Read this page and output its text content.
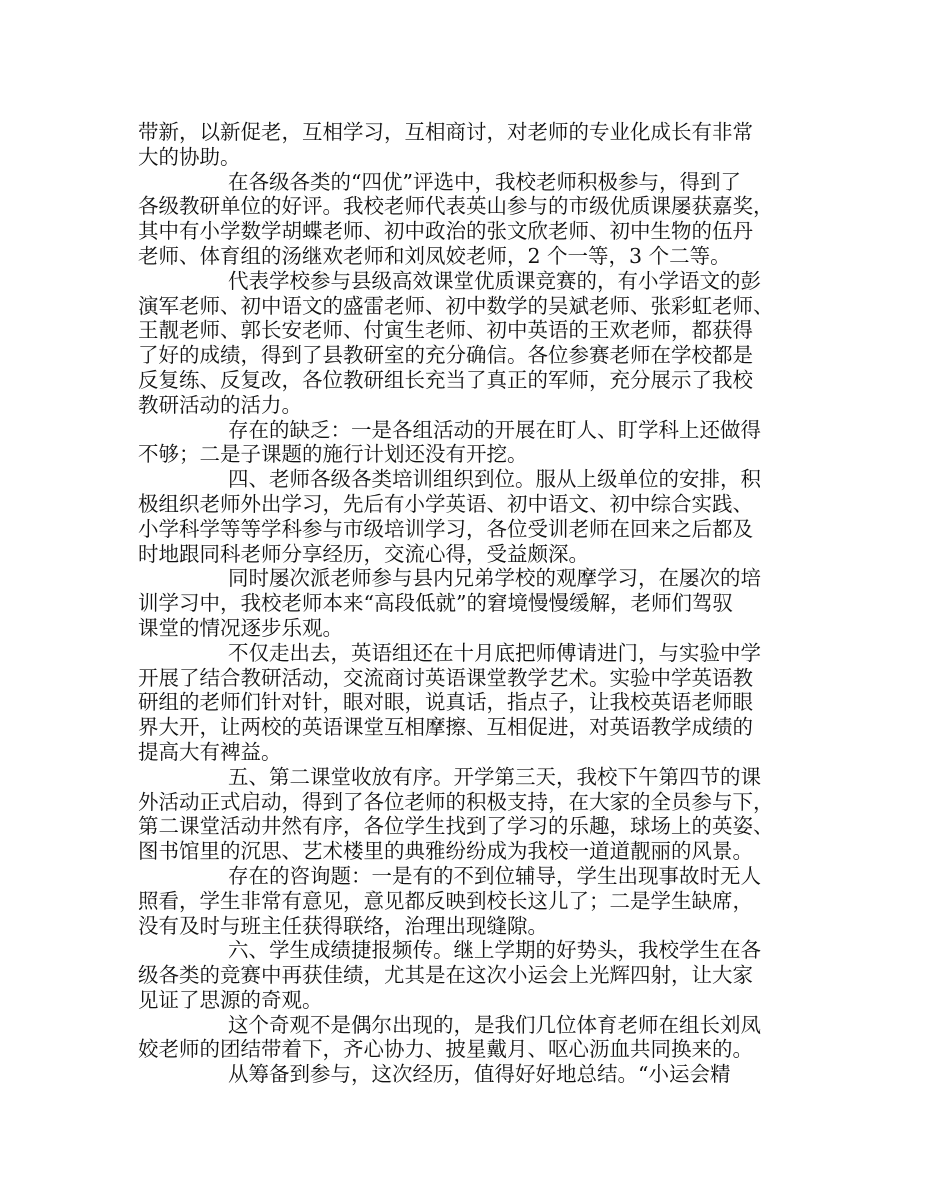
带新，以新促老，互相学习，互相商讨，对老师的专业化成长有非常
大的协助。
在各级各类的“四优”评选中，我校老师积极参与，得到了
各级教研单位的好评。我校老师代表英山参与的市级优质课屡获嘉奖，
其中有小学数学胡蝶老师、初中政治的张文欣老师、初中生物的伍丹
老师、体育组的汤继欢老师和刘凤姣老师，2 个一等，3 个二等。
代表学校参与县级高效课堂优质课竞赛的，有小学语文的彭
演军老师、初中语文的盛雷老师、初中数学的吴斌老师、张彩虹老师、
王靓老师、郭长安老师、付寅生老师、初中英语的王欢老师，都获得
了好的成绩，得到了县教研室的充分确信。各位参赛老师在学校都是
反复练、反复改，各位教研组长充当了真正的军师，充分展示了我校
教研活动的活力。
存在的缺乏：一是各组活动的开展在盯人、盯学科上还做得
不够；二是子课题的施行计划还没有开挖。
四、老师各级各类培训组织到位。服从上级单位的安排，积
极组织老师外出学习，先后有小学英语、初中语文、初中综合实践、
小学科学等等学科参与市级培训学习，各位受训老师在回来之后都及
时地跟同科老师分享经历，交流心得，受益颇深。
同时屡次派老师参与县内兄弟学校的观摩学习，在屡次的培
训学习中，我校老师本来“高段低就”的窘境慢慢缓解，老师们驾驭
课堂的情况逐步乐观。
不仅走出去，英语组还在十月底把师傅请进门，与实验中学
开展了结合教研活动，交流商讨英语课堂教学艺术。实验中学英语教
研组的老师们针对针，眼对眼，说真话，指点子，让我校英语老师眼
界大开，让两校的英语课堂互相摩擦、互相促进，对英语教学成绩的
提高大有裨益。
五、第二课堂收放有序。开学第三天，我校下午第四节的课
外活动正式启动，得到了各位老师的积极支持，在大家的全员参与下，
第二课堂活动井然有序，各位学生找到了学习的乐趣，球场上的英姿、
图书馆里的沉思、艺术楼里的典雅纷纷成为我校一道道靓丽的风景。
存在的咨询题：一是有的不到位辅导，学生出现事故时无人
照看，学生非常有意见，意见都反映到校长这儿了；二是学生缺席，
没有及时与班主任获得联络，治理出现缝隙。
六、学生成绩捷报频传。继上学期的好势头，我校学生在各
级各类的竞赛中再获佳绩，尤其是在这次小运会上光辉四射，让大家
见证了思源的奇观。
这个奇观不是偶尔出现的，是我们几位体育老师在组长刘凤
姣老师的团结带着下，齐心协力、披星戴月、呕心沥血共同换来的。
从筹备到参与，这次经历，值得好好地总结。“小运会精
